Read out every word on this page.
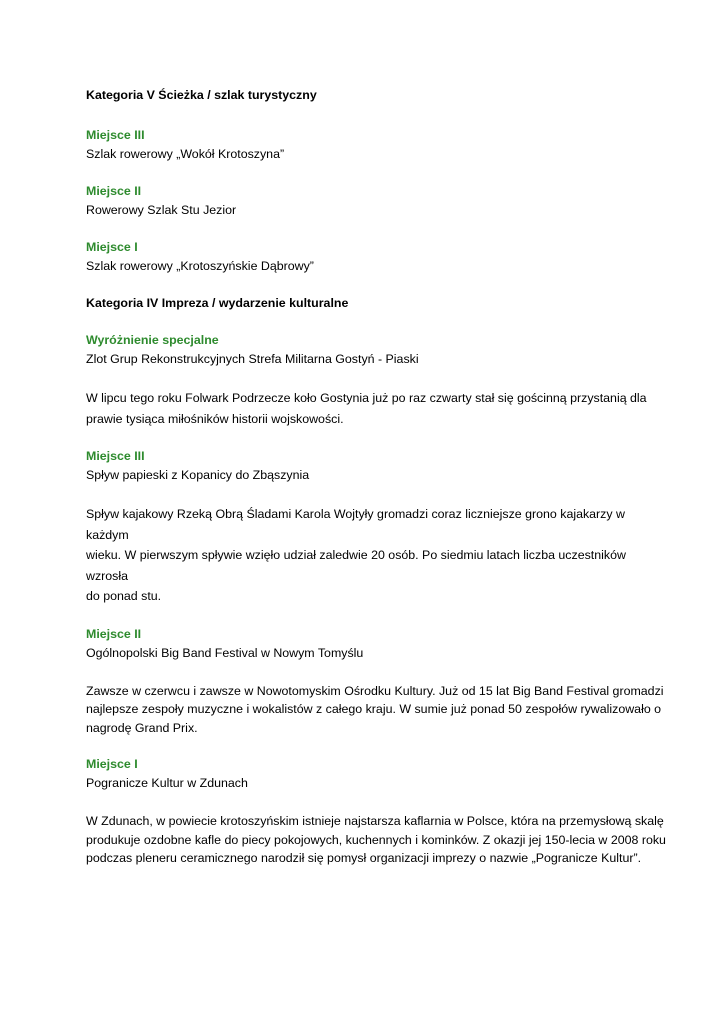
Kategoria V Ścieżka / szlak turystyczny

Miejsce III

Szlak rowerowy „Wokół Krotoszyna”

Miejsce II

Rowerowy Szlak Stu Jezior

Miejsce I

Szlak rowerowy „Krotoszyńskie Dąbrowy”

Kategoria IV Impreza / wydarzenie kulturalne

Wyróżnienie specjalne

Zlot Grup Rekonstrukcyjnych Strefa Militarna Gostyń - Piaski

W lipcu tego roku Folwark Podrzecze koło Gostynia już po raz czwarty stał się gościnną przystanią dla

prawie tysiąca miłośników historii wojskowości.

Miejsce III

Spływ papieski z Kopanicy do Zbąszynia

Spływ kajakowy Rzeką Obrą Śladami Karola Wojtyły gromadzi coraz liczniejsze grono kajakarzy w każdym

wieku. W pierwszym spływie wzięło udział zaledwie 20 osób. Po siedmiu latach liczba uczestników wzrosła

do ponad stu.

Miejsce II

Ogólnopolski Big Band Festival w Nowym Tomyślu

Zawsze w czerwcu i zawsze w Nowotomyskim Ośrodku Kultury. Już od 15 lat Big Band Festival gromadzi

najlepsze zespoły muzyczne i wokalistów z całego kraju. W sumie już ponad 50 zespołów rywalizowało o

nagrodę Grand Prix.

Miejsce I

Pogranicze Kultur w Zdunach

W Zdunach, w powiecie krotoszyńskim istnieje najstarsza kaflarnia w Polsce, która na przemysłową skalę

produkuje ozdobne kafle do piecy pokojowych, kuchennych i kominków. Z okazji jej 150-lecia w 2008 roku

podczas pleneru ceramicznego narodził się pomysł organizacji imprezy o nazwie „Pogranicze Kultur”.
